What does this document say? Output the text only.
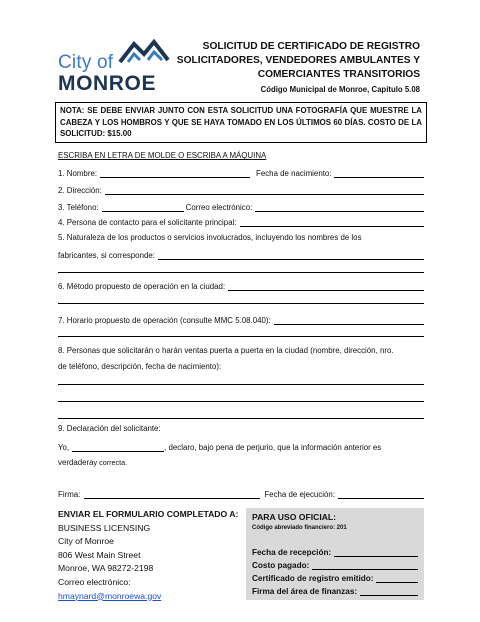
City of
MONROE
SOLICITUD DE CERTIFICADO DE REGISTRO
SOLICITADORES, VENDEDORES AMBULANTES Y
COMERCIANTES TRANSITORIOS
Código Municipal de Monroe, Capítulo 5.08
NOTA: SE DEBE ENVIAR JUNTO CON ESTA SOLICITUD UNA FOTOGRAFÍA QUE MUESTRE LA CABEZA Y LOS HOMBROS Y QUE SE HAYA TOMADO EN LOS ÚLTIMOS 60 DÍAS. COSTO DE LA SOLICITUD: $15.00
ESCRIBA EN LETRA DE MOLDE O ESCRIBA A MÁQUINA
1. Nombre:	Fecha de nacimiento:
2. Dirección:
3. Teléfono:	Correo electrónico:
4. Persona de contacto para el solicitante principal:
5. Naturaleza de los productos o servicios involucrados, incluyendo los nombres de los
fabricantes, si corresponde:
6. Método propuesto de operación en la ciudad:
7. Horario propuesto de operación (consulte MMC 5.08.040):
8. Personas que solicitarán o harán ventas puerta a puerta en la ciudad (nombre, dirección, nro.
de teléfono, descripción, fecha de nacimiento):
9. Declaración del solicitante:
Yo,	, declaro, bajo pena de perjurio, que la información anterior es
verdadera y correcta.
Firma:	Fecha de ejecución:
ENVIAR EL FORMULARIO COMPLETADO A:
BUSINESS LICENSING
City of Monroe
806 West Main Street
Monroe, WA 98272-2198
Correo electrónico:
hmaynard@monroewa.gov
PARA USO OFICIAL:
Código abreviado financiero: 201
Fecha de recepción:
Costo pagado:
Certificado de registro emitido:
Firma del área de finanzas:
